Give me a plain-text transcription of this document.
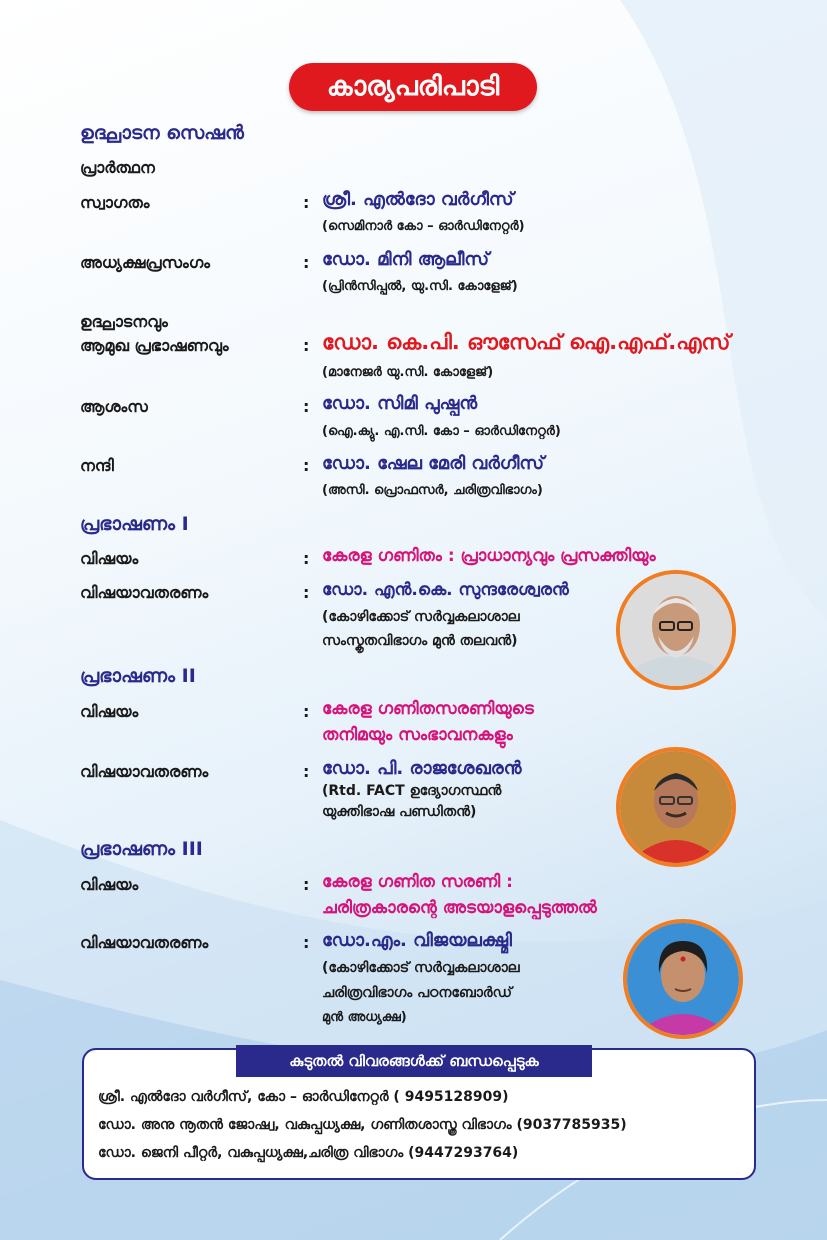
കാര്യപരിപാടി
ഉദ്ഘാടന സെഷൻ
പ്രാർത്ഥന
സ്വാഗതം	: ശ്രീ. എൽദോ വർഗീസ്
(സെമിനാർ കോ – ഓർഡിനേറ്റർ)
അധ്യക്ഷപ്രസംഗം	: ഡോ. മിനി ആലീസ്
(പ്രിൻസിപ്പൽ, യു.സി. കോളേജ്)
ഉദ്ഘാടനവും
ആമുഖ പ്രഭാഷണവും	: ഡോ. കെ.പി. ഔസേഫ് ഐ.എഫ്.എസ്
(മാനേജർ യു.സി. കോളേജ്)
ആശംസ	: ഡോ. സിമി പുഷ്പൻ
(ഐ.ക്യു. എ.സി. കോ – ഓർഡിനേറ്റർ)
നന്ദി	: ഡോ. ഷേല മേരി വർഗീസ്
(അസി. പ്രൊഫസർ, ചരിത്രവിഭാഗം)
പ്രഭാഷണം I
വിഷയം	: കേരള ഗണിതം : പ്രാധാന്യവും പ്രസക്തിയും
വിഷയാവതരണം	: ഡോ. എൻ.കെ. സുന്ദരേശ്വരൻ
(കോഴിക്കോട് സർവ്വകലാശാല
സംസ്കൃതവിഭാഗം മുൻ തലവൻ)
പ്രഭാഷണം II
വിഷയം	: കേരള ഗണിതസരണിയുടെ
തനിമയും സംഭാവനകളും
വിഷയാവതരണം	: ഡോ. പി. രാജശേഖരൻ
(Rtd. FACT ഉദ്യോഗസ്ഥൻ
യുക്തിഭാഷ പണ്ഡിതൻ)
പ്രഭാഷണം III
വിഷയം	: കേരള ഗണിത സരണി :
ചരിത്രകാരന്റെ അടയാളപ്പെടുത്തൽ
വിഷയാവതരണം	: ഡോ.എം. വിജയലക്ഷ്മി
(കോഴിക്കോട് സർവ്വകലാശാല
ചരിത്രവിഭാഗം പഠനബോർഡ്
മുൻ അധ്യക്ഷ)
കുടുതൽ വിവരങ്ങൾക്ക് ബന്ധപ്പെടുക
ശ്രീ. എൽദോ വർഗീസ്, കോ – ഓർഡിനേറ്റർ ( 9495128909)
ഡോ. അനു നൂതൻ ജോഷ്വ, വകുപ്പധ്യക്ഷ, ഗണിതശാസ്ത്ര വിഭാഗം (9037785935)
ഡോ. ജെനി പീറ്റർ, വകുപ്പധ്യക്ഷ,ചരിത്ര വിഭാഗം (9447293764)
